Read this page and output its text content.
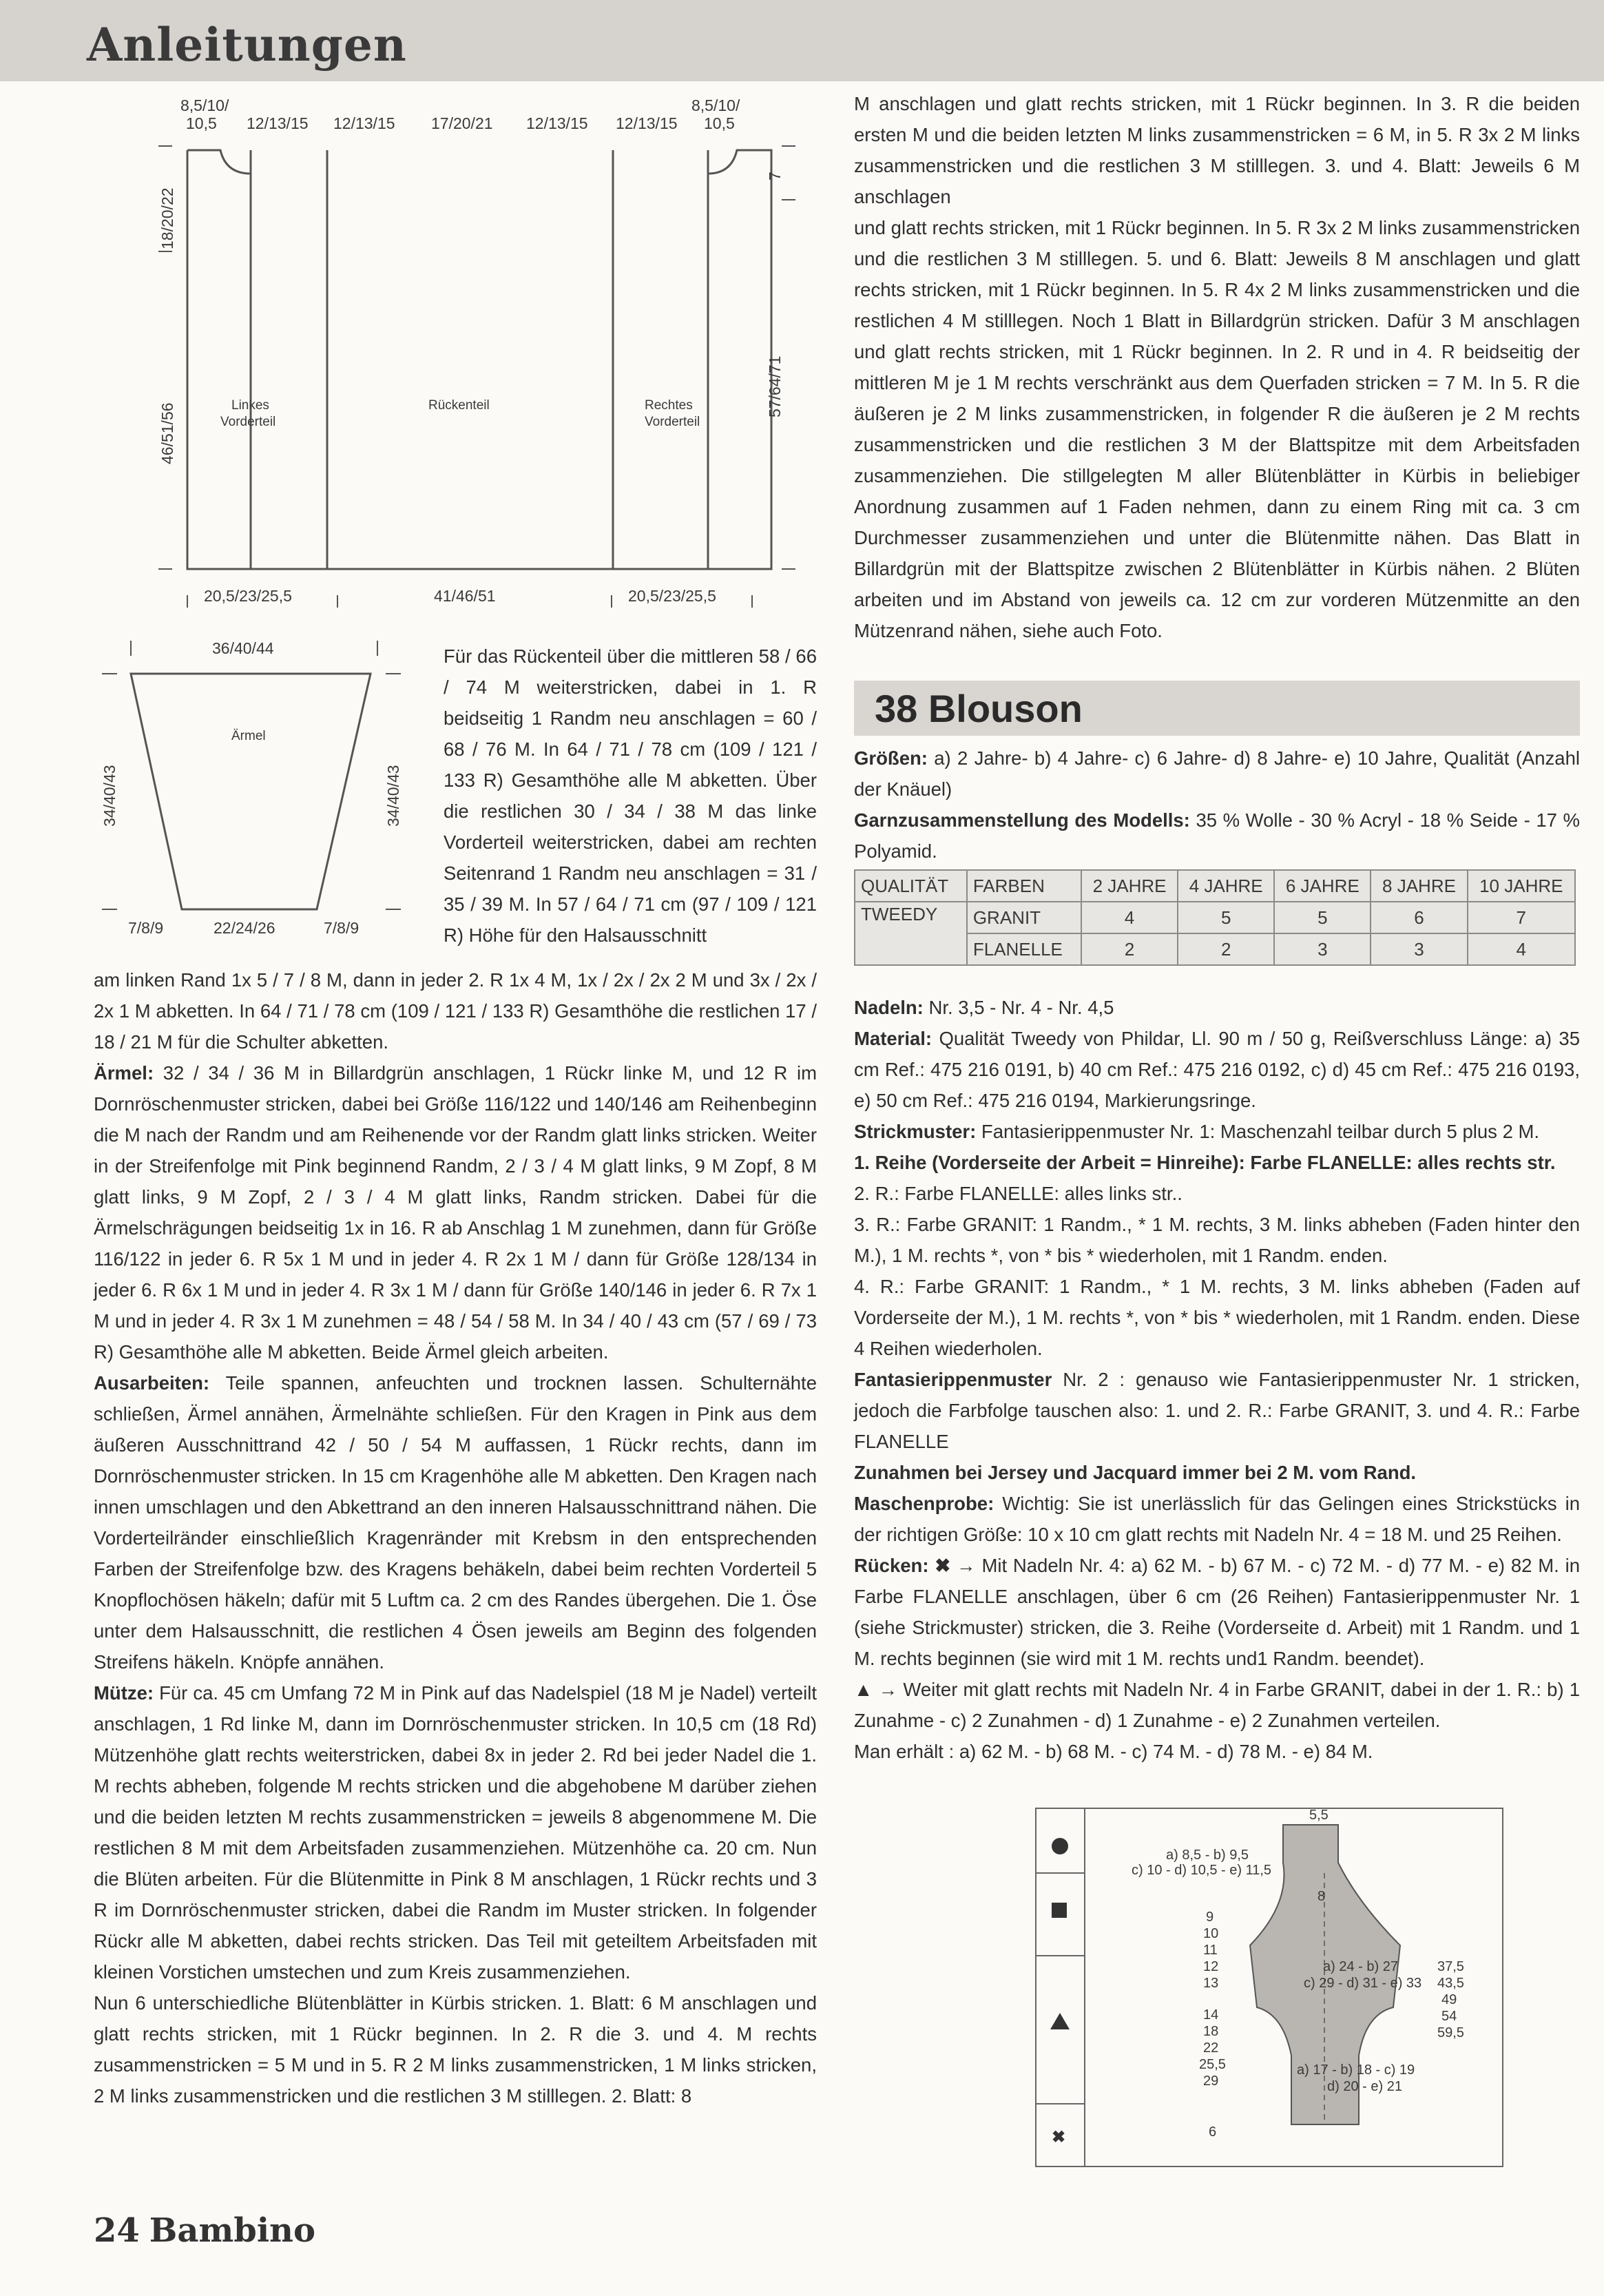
Anleitungen
8,5/10/
10,5 12/13/15 12/13/15 17/20/21 12/13/15 12/13/15
8,5/10/
10,5
18/20/22
46/51/56
7
57/64/71
Linkes
Vorderteil
Rückenteil	Rechtes
Vorderteil
20,5/23/25,5	41/46/51	20,5/23/25,5
36/40/44
Ärmel
34/40/43	34/40/43
7/8/9	22/24/26	7/8/9

Für das Rückenteil über die mittleren 58 / 66 / 74 M weiterstricken, dabei in 1. R beidseitig 1 Randm neu anschlagen = 60 / 68 / 76 M. In 64 / 71 / 78 cm (109 / 121 / 133 R) Gesamthöhe alle M abketten. Über die restlichen 30 / 34 / 38 M das linke Vorderteil weiterstricken, dabei am rechten Seitenrand 1 Randm neu anschlagen = 31 / 35 / 39 M. In 57 / 64 / 71 cm (97 / 109 / 121 R) Höhe für den Halsausschnitt

am linken Rand 1x 5 / 7 / 8 M, dann in jeder 2. R 1x 4 M, 1x / 2x / 2x 2 M und 3x / 2x / 2x 1 M abketten. In 64 / 71 / 78 cm (109 / 121 / 133 R) Gesamthöhe die restlichen 17 / 18 / 21 M für die Schulter abketten.

Ärmel: 32 / 34 / 36 M in Billardgrün anschlagen, 1 Rückr linke M, und 12 R im Dornröschenmuster stricken, dabei bei Größe 116/122 und 140/146 am Reihenbeginn die M nach der Randm und am Reihenende vor der Randm glatt links stricken. Weiter in der Streifenfolge mit Pink beginnend Randm, 2 / 3 / 4 M glatt links, 9 M Zopf, 8 M glatt links, 9 M Zopf, 2 / 3 / 4 M glatt links, Randm stricken. Dabei für die Ärmelschrägungen beidseitig 1x in 16. R ab Anschlag 1 M zunehmen, dann für Größe 116/122 in jeder 6. R 5x 1 M und in jeder 4. R 2x 1 M / dann für Größe 128/134 in jeder 6. R 6x 1 M und in jeder 4. R 3x 1 M / dann für Größe 140/146 in jeder 6. R 7x 1 M und in jeder 4. R 3x 1 M zunehmen = 48 / 54 / 58 M. In 34 / 40 / 43 cm (57 / 69 / 73 R) Gesamthöhe alle M abketten. Beide Ärmel gleich arbeiten.

Ausarbeiten: Teile spannen, anfeuchten und trocknen lassen. Schulternähte schließen, Ärmel annähen, Ärmelnähte schließen. Für den Kragen in Pink aus dem äußeren Ausschnittrand 42 / 50 / 54 M auffassen, 1 Rückr rechts, dann im Dornröschenmuster stricken. In 15 cm Kragenhöhe alle M abketten. Den Kragen nach innen umschlagen und den Abkettrand an den inneren Halsausschnittrand nähen. Die Vorderteilränder einschließlich Kragenränder mit Krebsm in den entsprechenden Farben der Streifenfolge bzw. des Kragens behäkeln, dabei beim rechten Vorderteil 5 Knopflochösen häkeln; dafür mit 5 Luftm ca. 2 cm des Randes übergehen. Die 1. Öse unter dem Halsausschnitt, die restlichen 4 Ösen jeweils am Beginn des folgenden Streifens häkeln. Knöpfe annähen.

Mütze: Für ca. 45 cm Umfang 72 M in Pink auf das Nadelspiel (18 M je Nadel) verteilt anschlagen, 1 Rd linke M, dann im Dornröschenmuster stricken. In 10,5 cm (18 Rd) Mützenhöhe glatt rechts weiterstricken, dabei 8x in jeder 2. Rd bei jeder Nadel die 1. M rechts abheben, folgende M rechts stricken und die abgehobene M darüber ziehen und die beiden letzten M rechts zusammenstricken = jeweils 8 abgenommene M. Die restlichen 8 M mit dem Arbeitsfaden zusammenziehen. Mützenhöhe ca. 20 cm. Nun die Blüten arbeiten. Für die Blütenmitte in Pink 8 M anschlagen, 1 Rückr rechts und 3 R im Dornröschenmuster stricken, dabei die Randm im Muster stricken. In folgender Rückr alle M abketten, dabei rechts stricken. Das Teil mit geteiltem Arbeitsfaden mit kleinen Vorstichen umstechen und zum Kreis zusammenziehen.

Nun 6 unterschiedliche Blütenblätter in Kürbis stricken. 1. Blatt: 6 M anschlagen und glatt rechts stricken, mit 1 Rückr beginnen. In 2. R die 3. und 4. M rechts zusammenstricken = 5 M und in 5. R 2 M links zusammenstricken, 1 M links stricken, 2 M links zusammenstricken und die restlichen 3 M stilllegen. 2. Blatt: 8

M anschlagen und glatt rechts stricken, mit 1 Rückr beginnen. In 3. R die beiden ersten M und die beiden letzten M links zusammenstricken = 6 M, in 5. R 3x 2 M links zusammenstricken und die restlichen 3 M stilllegen. 3. und 4. Blatt: Jeweils 6 M anschlagen

und glatt rechts stricken, mit 1 Rückr beginnen. In 5. R 3x 2 M links zusammenstricken und die restlichen 3 M stilllegen. 5. und 6. Blatt: Jeweils 8 M anschlagen und glatt rechts stricken, mit 1 Rückr beginnen. In 5. R 4x 2 M links zusammenstricken und die restlichen 4 M stilllegen. Noch 1 Blatt in Billardgrün stricken. Dafür 3 M anschlagen und glatt rechts stricken, mit 1 Rückr beginnen. In 2. R und in 4. R beidseitig der mittleren M je 1 M rechts verschränkt aus dem Querfaden stricken = 7 M. In 5. R die äußeren je 2 M links zusammenstricken, in folgender R die äußeren je 2 M rechts zusammenstricken und die restlichen 3 M der Blattspitze mit dem Arbeitsfaden zusammenziehen. Die stillgelegten M aller Blütenblätter in Kürbis in beliebiger Anordnung zusammen auf 1 Faden nehmen, dann zu einem Ring mit ca. 3 cm Durchmesser zusammenziehen und unter die Blütenmitte nähen. Das Blatt in Billardgrün mit der Blattspitze zwischen 2 Blütenblätter in Kürbis nähen. 2 Blüten arbeiten und im Abstand von jeweils ca. 12 cm zur vorderen Mützenmitte an den Mützenrand nähen, siehe auch Foto.

38 Blouson

Größen: a) 2 Jahre- b) 4 Jahre- c) 6 Jahre- d) 8 Jahre- e) 10 Jahre, Qualität (Anzahl der Knäuel)

Garnzusammenstellung des Modells: 35 % Wolle - 30 % Acryl - 18 % Seide - 17 % Polyamid.

QUALITÄT	FARBEN	2 JAHRE	4 JAHRE	6 JAHRE	8 JAHRE	10 JAHRE
TWEEDY	GRANIT	4	5	5	6	7
	FLANELLE	2	2	3	3	4

Nadeln: Nr. 3,5 - Nr. 4 - Nr. 4,5

Material: Qualität Tweedy von Phildar, Ll. 90 m / 50 g, Reißverschluss Länge: a) 35 cm Ref.: 475 216 0191, b) 40 cm Ref.: 475 216 0192, c) d) 45 cm Ref.: 475 216 0193, e) 50 cm Ref.: 475 216 0194, Markierungsringe.

Strickmuster: Fantasierippenmuster Nr. 1: Maschenzahl teilbar durch 5 plus 2 M.

1. Reihe (Vorderseite der Arbeit = Hinreihe): Farbe FLANELLE: alles rechts str.

2. R.: Farbe FLANELLE: alles links str..

3. R.: Farbe GRANIT: 1 Randm., * 1 M. rechts, 3 M. links abheben (Faden hinter den M.), 1 M. rechts *, von * bis * wiederholen, mit 1 Randm. enden.

4. R.: Farbe GRANIT: 1 Randm., * 1 M. rechts, 3 M. links abheben (Faden auf Vorderseite der M.), 1 M. rechts *, von * bis * wiederholen, mit 1 Randm. enden. Diese 4 Reihen wiederholen.

Fantasierippenmuster Nr. 2 : genauso wie Fantasierippenmuster Nr. 1 stricken, jedoch die Farbfolge tauschen also: 1. und 2. R.: Farbe GRANIT, 3. und 4. R.: Farbe FLANELLE

Zunahmen bei Jersey und Jacquard immer bei 2 M. vom Rand.

Maschenprobe: Wichtig: Sie ist unerlässlich für das Gelingen eines Strickstücks in der richtigen Größe: 10 x 10 cm glatt rechts mit Nadeln Nr. 4 = 18 M. und 25 Reihen.

Rücken: ✖ → Mit Nadeln Nr. 4: a) 62 M. - b) 67 M. - c) 72 M. - d) 77 M. - e) 82 M. in Farbe FLANELLE anschlagen, über 6 cm (26 Reihen) Fantasierippenmuster Nr. 1 (siehe Strickmuster) stricken, die 3. Reihe (Vorderseite d. Arbeit) mit 1 Randm. und 1 M. rechts beginnen (sie wird mit 1 M. rechts und1 Randm. beendet).

▲ → Weiter mit glatt rechts mit Nadeln Nr. 4 in Farbe GRANIT, dabei in der 1. R.: b) 1 Zunahme - c) 2 Zunahmen - d) 1 Zunahme - e) 2 Zunahmen verteilen.

Man erhält : a) 62 M. - b) 68 M. - c) 74 M. - d) 78 M. - e) 84 M.

✖
5,5
a) 8,5 - b) 9,5
c) 10 - d) 10,5 - e) 11,5
8
9
10
11
12
13
14
18
22
25,5
29
6
a) 24 - b) 27
c) 29 - d) 31 - e) 33
a) 17 - b) 18 - c) 19
d) 20 - e) 21
37,5
43,5
49
54
59,5
24 Bambino
